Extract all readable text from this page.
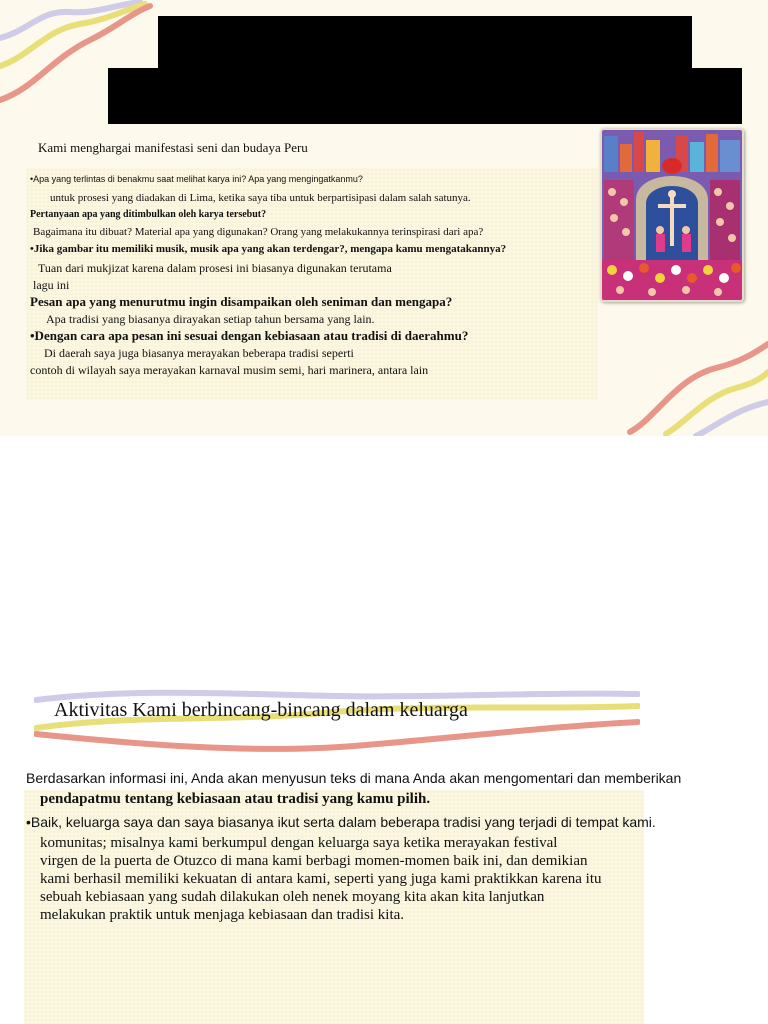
Kami menghargai manifestasi seni dan budaya Peru
•Apa yang terlintas di benakmu saat melihat karya ini? Apa yang mengingatkanmu?
untuk prosesi yang diadakan di Lima, ketika saya tiba untuk berpartisipasi dalam salah satunya.
Pertanyaan apa yang ditimbulkan oleh karya tersebut?
Bagaimana itu dibuat? Material apa yang digunakan? Orang yang melakukannya terinspirasi dari apa?
•Jika gambar itu memiliki musik, musik apa yang akan terdengar?, mengapa kamu mengatakannya?
Tuan dari mukjizat karena dalam prosesi ini biasanya digunakan terutama
lagu ini
Pesan apa yang menurutmu ingin disampaikan oleh seniman dan mengapa?
Apa tradisi yang biasanya dirayakan setiap tahun bersama yang lain.
•Dengan cara apa pesan ini sesuai dengan kebiasaan atau tradisi di daerahmu?
Di daerah saya juga biasanya merayakan beberapa tradisi seperti
contoh di wilayah saya merayakan karnaval musim semi, hari marinera, antara lain
Aktivitas Kami berbincang-bincang dalam keluarga
Berdasarkan informasi ini, Anda akan menyusun teks di mana Anda akan mengomentari dan memberikan
pendapatmu tentang kebiasaan atau tradisi yang kamu pilih.
•Baik, keluarga saya dan saya biasanya ikut serta dalam beberapa tradisi yang terjadi di tempat kami.
komunitas; misalnya kami berkumpul dengan keluarga saya ketika merayakan festival
virgen de la puerta de Otuzco di mana kami berbagi momen-momen baik ini, dan demikian
kami berhasil memiliki kekuatan di antara kami, seperti yang juga kami praktikkan karena itu
sebuah kebiasaan yang sudah dilakukan oleh nenek moyang kita akan kita lanjutkan
melakukan praktik untuk menjaga kebiasaan dan tradisi kita.
